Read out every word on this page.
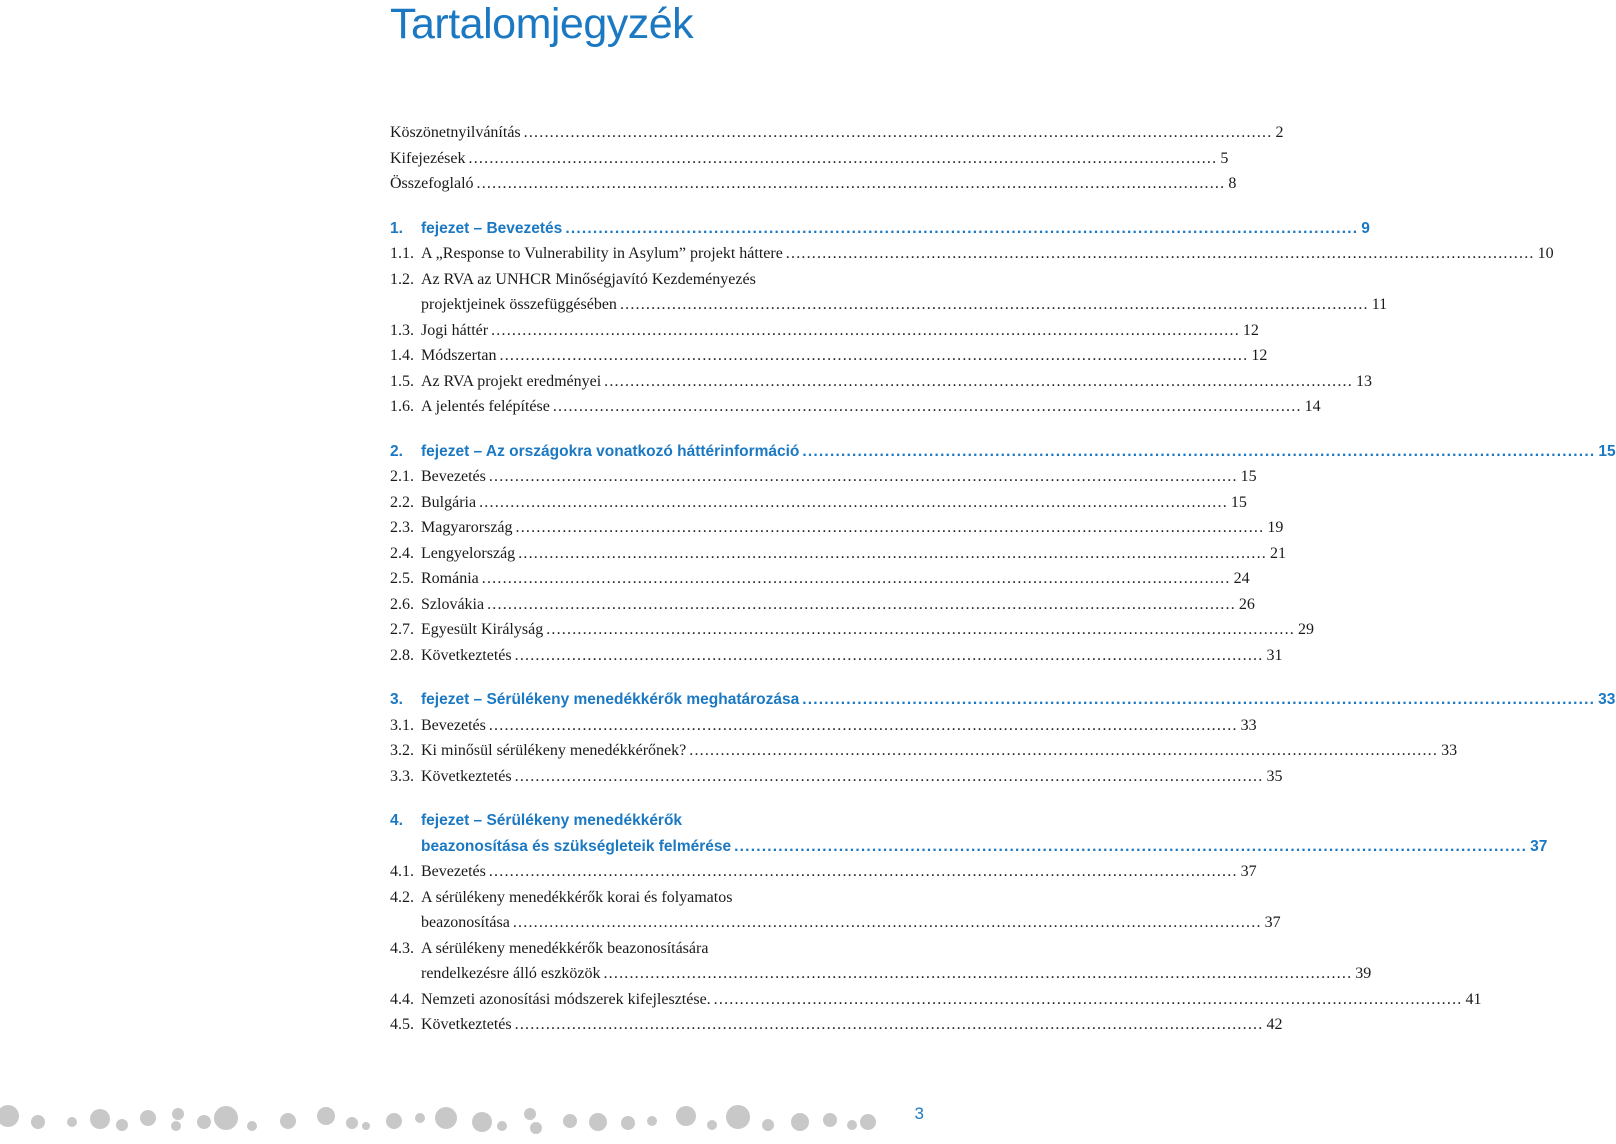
Tartalomjegyzék
Köszönetnyilvánítás .....	2
Kifejezések .....	5
Összefoglaló .....	8
1.	fejezet – Bevezetés .....	9
1.1. A „Response to Vulnerability in Asylum” projekt háttere .....	10
1.2. Az RVA az UNHCR Minőségjavító Kezdeményezés
projektjeinek összefüggésében .....	11
1.3. Jogi háttér .....	12
1.4. Módszertan .....	12
1.5. Az RVA projekt eredményei .....	13
1.6. A jelentés felépítése .....	14
2.	fejezet – Az országokra vonatkozó háttérinformáció .....	15
2.1. Bevezetés .....	15
2.2. Bulgária .....	15
2.3. Magyarország .....	19
2.4. Lengyelország .....	21
2.5. Románia .....	24
2.6. Szlovákia .....	26
2.7. Egyesült Királyság .....	29
2.8. Következtetés .....	31
3.	fejezet – Sérülékeny menedékkérők meghatározása .....	33
3.1. Bevezetés .....	33
3.2. Ki minősül sérülékeny menedékkérőnek? .....	33
3.3. Következtetés .....	35
4.	fejezet – Sérülékeny menedékkérők
beazonosítása és szükségleteik felmérése .....	37
4.1. Bevezetés .....	37
4.2. A sérülékeny menedékkérők korai és folyamatos
beazonosítása .....	37
4.3. A sérülékeny menedékkérők beazonosítására
rendelkezésre álló eszközök .....	39
4.4. Nemzeti azonosítási módszerek kifejlesztése. .....	41
4.5. Következtetés .....	42
3
